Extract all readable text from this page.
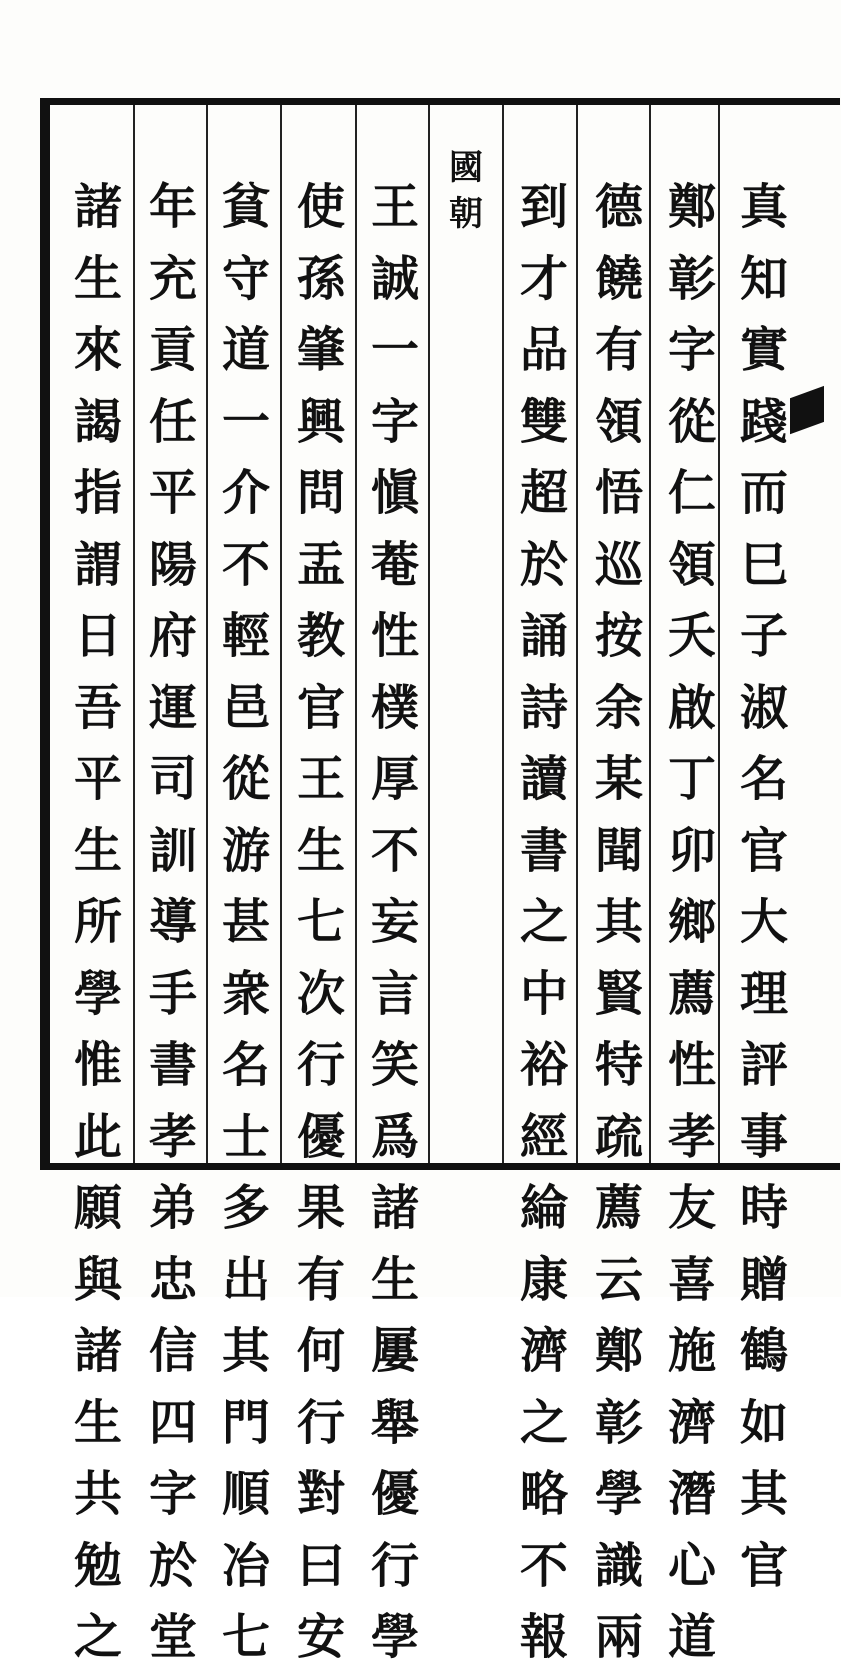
真
知
實
踐
而
巳
子
淑
名
官
大
理
評
事
時
贈
鶴
如
其
官
鄭
彰
字
從
仁
領
夭
啟
丁
卯
鄉
薦
性
孝
友
喜
施
濟
潛
心
道
德
饒
有
領
悟
巡
按
余
某
聞
其
賢
特
疏
薦
云
鄭
彰
學
識
兩
到
才
品
雙
超
於
誦
詩
讀
書
之
中
裕
經
綸
康
濟
之
略
不
報
國
朝
王
誠
一
字
愼
菴
性
樸
厚
不
妄
言
笑
爲
諸
生
屢
舉
優
行
學
使
孫
肇
興
問
盂
教
官
王
生
七
次
行
優
果
有
何
行
對
曰
安
貧
守
道
一
介
不
輕
邑
從
游
甚
衆
名
士
多
出
其
門
順
冶
七
年
充
貢
任
平
陽
府
運
司
訓
導
手
書
孝
弟
忠
信
四
字
於
堂
諸
生
來
謁
指
謂
日
吾
平
生
所
學
惟
此
願
與
諸
生
共
勉
之
